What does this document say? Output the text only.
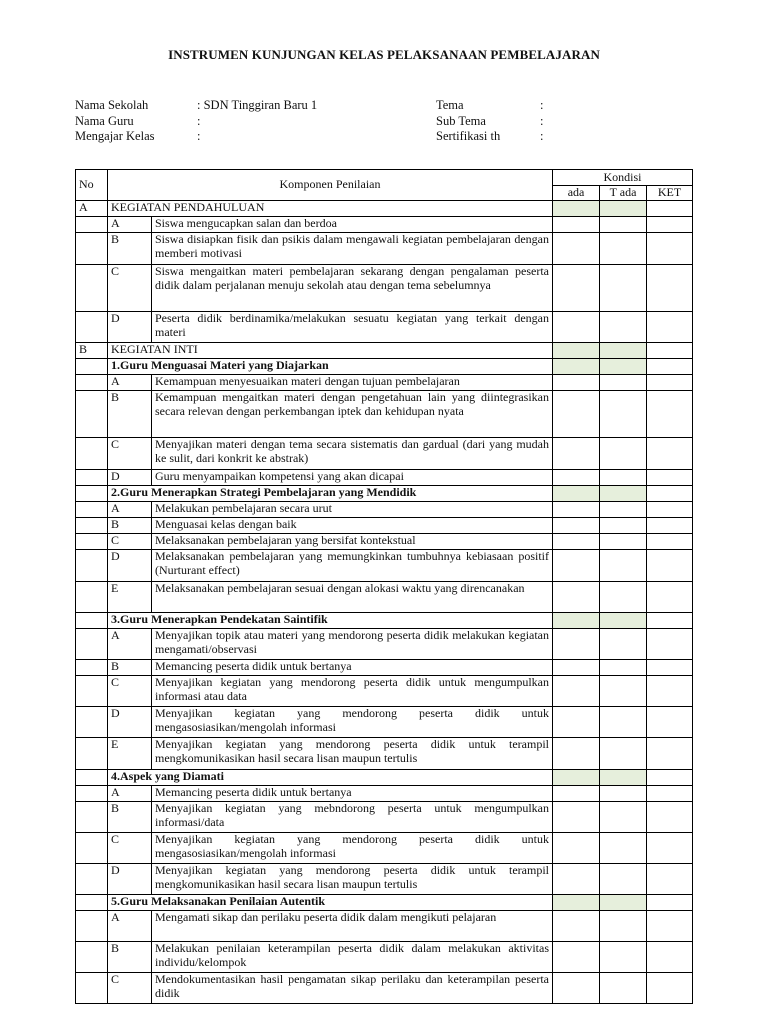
INSTRUMEN KUNJUNGAN KELAS PELAKSANAAN PEMBELAJARAN
Nama Sekolah	: SDN Tinggiran Baru 1
Nama Guru	:
Mengajar Kelas	:
Tema	:
Sub Tema	:
Sertifikasi th	:
No	Komponen Penilaian		Kondisi		
			ada	T ada	KET
A	KEGIATAN PENDAHULUAN				
	A	Siswa mengucapkan salan dan berdoa			
	B	Siswa disiapkan fisik dan psikis dalam mengawali kegiatan pembelajaran dengan memberi motivasi			
	C	Siswa mengaitkan materi pembelajaran sekarang dengan pengalaman peserta didik dalam perjalanan menuju sekolah atau dengan tema sebelumnya			
	D	Peserta didik berdinamika/melakukan sesuatu kegiatan yang terkait dengan materi			
B	KEGIATAN INTI				
	1.Guru Menguasai Materi yang Diajarkan				
	A	Kemampuan menyesuaikan materi dengan tujuan pembelajaran			
	B	Kemampuan mengaitkan materi dengan pengetahuan lain yang diintegrasikan secara relevan dengan perkembangan iptek dan kehidupan nyata			
	C	Menyajikan materi dengan tema secara sistematis dan gardual (dari yang mudah ke sulit, dari konkrit ke abstrak)			
	D	Guru menyampaikan kompetensi yang akan dicapai			
	2.Guru Menerapkan Strategi Pembelajaran yang Mendidik				
	A	Melakukan pembelajaran secara urut			
	B	Menguasai kelas dengan baik			
	C	Melaksanakan pembelajaran yang bersifat kontekstual			
	D	Melaksanakan pembelajaran yang memungkinkan tumbuhnya kebiasaan positif (Nurturant effect)			
	E	Melaksanakan pembelajaran sesuai dengan alokasi waktu yang direncanakan			
	3.Guru Menerapkan Pendekatan Saintifik				
	A	Menyajikan topik atau materi yang mendorong peserta didik melakukan kegiatan mengamati/observasi			
	B	Memancing peserta didik untuk bertanya			
	C	Menyajikan kegiatan yang mendorong peserta didik untuk mengumpulkan informasi atau data			
	D	Menyajikan kegiatan yang mendorong peserta didik untuk mengasosiasikan/mengolah informasi			
	E	Menyajikan kegiatan yang mendorong peserta didik untuk terampil mengkomunikasikan hasil secara lisan maupun tertulis			
	4.Aspek yang Diamati				
	A	Memancing peserta didik untuk bertanya			
	B	Menyajikan kegiatan yang mebndorong peserta untuk mengumpulkan informasi/data			
	C	Menyajikan kegiatan yang mendorong peserta didik untuk mengasosiasikan/mengolah informasi			
	D	Menyajikan kegiatan yang mendorong peserta didik untuk terampil mengkomunikasikan hasil secara lisan maupun tertulis			
	5.Guru Melaksanakan Penilaian Autentik				
	A	Mengamati sikap dan perilaku peserta didik dalam mengikuti pelajaran			
	B	Melakukan penilaian keterampilan peserta didik dalam melakukan aktivitas individu/kelompok			
	C	Mendokumentasikan hasil pengamatan sikap perilaku dan keterampilan peserta didik			
